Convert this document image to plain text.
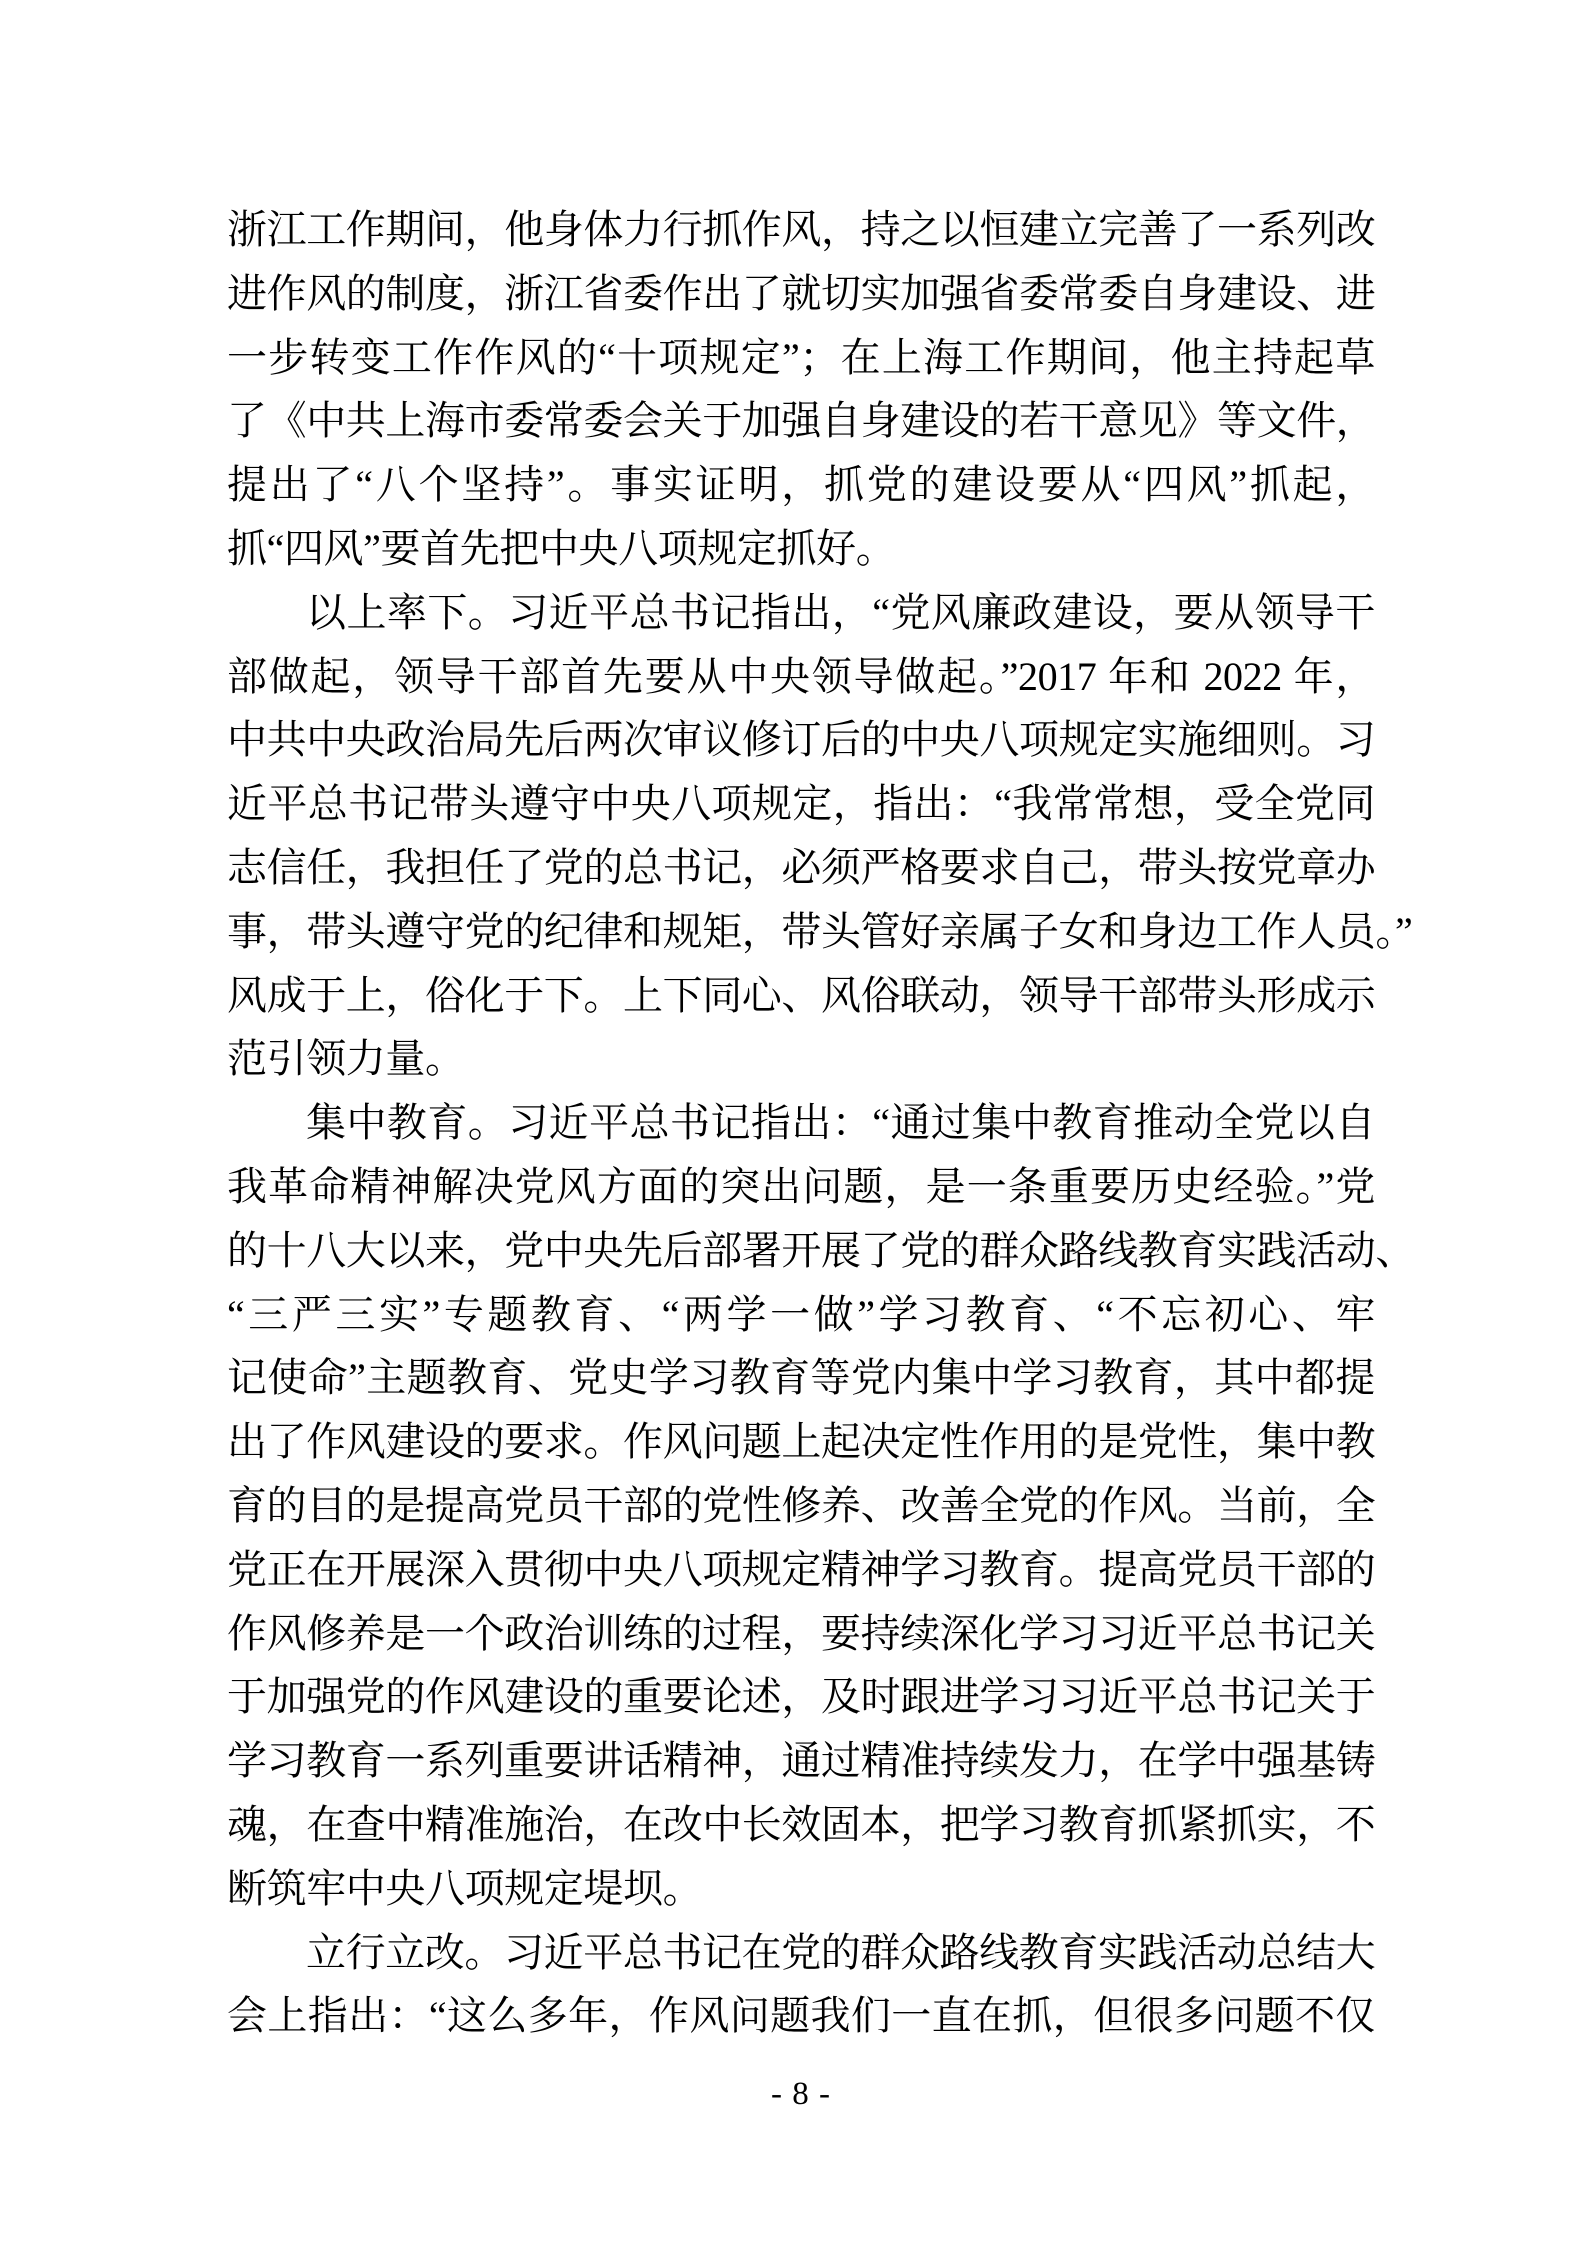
浙江工作期间，他身体力行抓作风，持之以恒建立完善了一系列改
进作风的制度，浙江省委作出了就切实加强省委常委自身建设、进
一步转变工作作风的“十项规定”；在上海工作期间，他主持起草
了《中共上海市委常委会关于加强自身建设的若干意见》等文件，
提出了“八个坚持”。事实证明，抓党的建设要从“四风”抓起，
抓“四风”要首先把中央八项规定抓好。
以上率下。习近平总书记指出，“党风廉政建设，要从领导干
部做起，领导干部首先要从中央领导做起。”2017 年和 2022 年，
中共中央政治局先后两次审议修订后的中央八项规定实施细则。习
近平总书记带头遵守中央八项规定，指出：“我常常想，受全党同
志信任，我担任了党的总书记，必须严格要求自己，带头按党章办
事，带头遵守党的纪律和规矩，带头管好亲属子女和身边工作人员。”
风成于上，俗化于下。上下同心、风俗联动，领导干部带头形成示
范引领力量。
集中教育。习近平总书记指出：“通过集中教育推动全党以自
我革命精神解决党风方面的突出问题，是一条重要历史经验。”党
的十八大以来，党中央先后部署开展了党的群众路线教育实践活动、
“三严三实”专题教育、“两学一做”学习教育、“不忘初心、牢
记使命”主题教育、党史学习教育等党内集中学习教育，其中都提
出了作风建设的要求。作风问题上起决定性作用的是党性，集中教
育的目的是提高党员干部的党性修养、改善全党的作风。当前，全
党正在开展深入贯彻中央八项规定精神学习教育。提高党员干部的
作风修养是一个政治训练的过程，要持续深化学习习近平总书记关
于加强党的作风建设的重要论述，及时跟进学习习近平总书记关于
学习教育一系列重要讲话精神，通过精准持续发力，在学中强基铸
魂，在查中精准施治，在改中长效固本，把学习教育抓紧抓实，不
断筑牢中央八项规定堤坝。
立行立改。习近平总书记在党的群众路线教育实践活动总结大
会上指出：“这么多年，作风问题我们一直在抓，但很多问题不仅
- 8 -
